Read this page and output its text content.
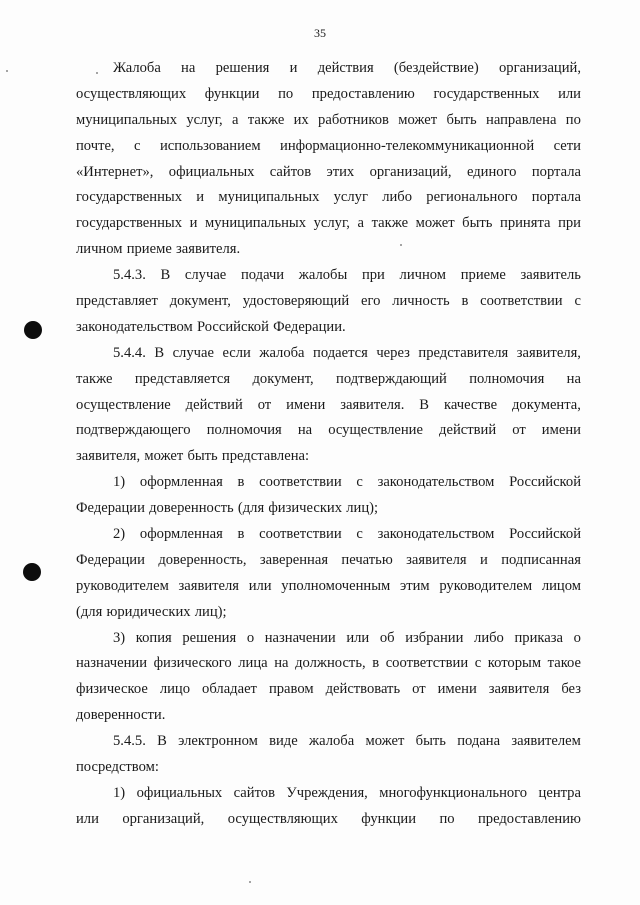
35
Жалоба на решения и действия (бездействие) организаций,
осуществляющих функции по предоставлению государственных или
муниципальных услуг, а также их работников может быть направлена по
почте, с использованием информационно-телекоммуникационной сети
«Интернет», официальных сайтов этих организаций, единого портала
государственных и муниципальных услуг либо регионального портала
государственных и муниципальных услуг, а также может быть принята при
личном приеме заявителя.
5.4.3. В случае подачи жалобы при личном приеме заявитель
представляет документ, удостоверяющий его личность в соответствии с
законодательством Российской Федерации.
5.4.4. В случае если жалоба подается через представителя заявителя,
также представляется документ, подтверждающий полномочия на
осуществление действий от имени заявителя. В качестве документа,
подтверждающего полномочия на осуществление действий от имени
заявителя, может быть представлена:
1) оформленная в соответствии с законодательством Российской
Федерации доверенность (для физических лиц);
2) оформленная в соответствии с законодательством Российской
Федерации доверенность, заверенная печатью заявителя и подписанная
руководителем заявителя или уполномоченным этим руководителем лицом
(для юридических лиц);
3) копия решения о назначении или об избрании либо приказа о
назначении физического лица на должность, в соответствии с которым такое
физическое лицо обладает правом действовать от имени заявителя без
доверенности.
5.4.5. В электронном виде жалоба может быть подана заявителем
посредством:
1) официальных сайтов Учреждения, многофункционального центра
или организаций, осуществляющих функции по предоставлению
